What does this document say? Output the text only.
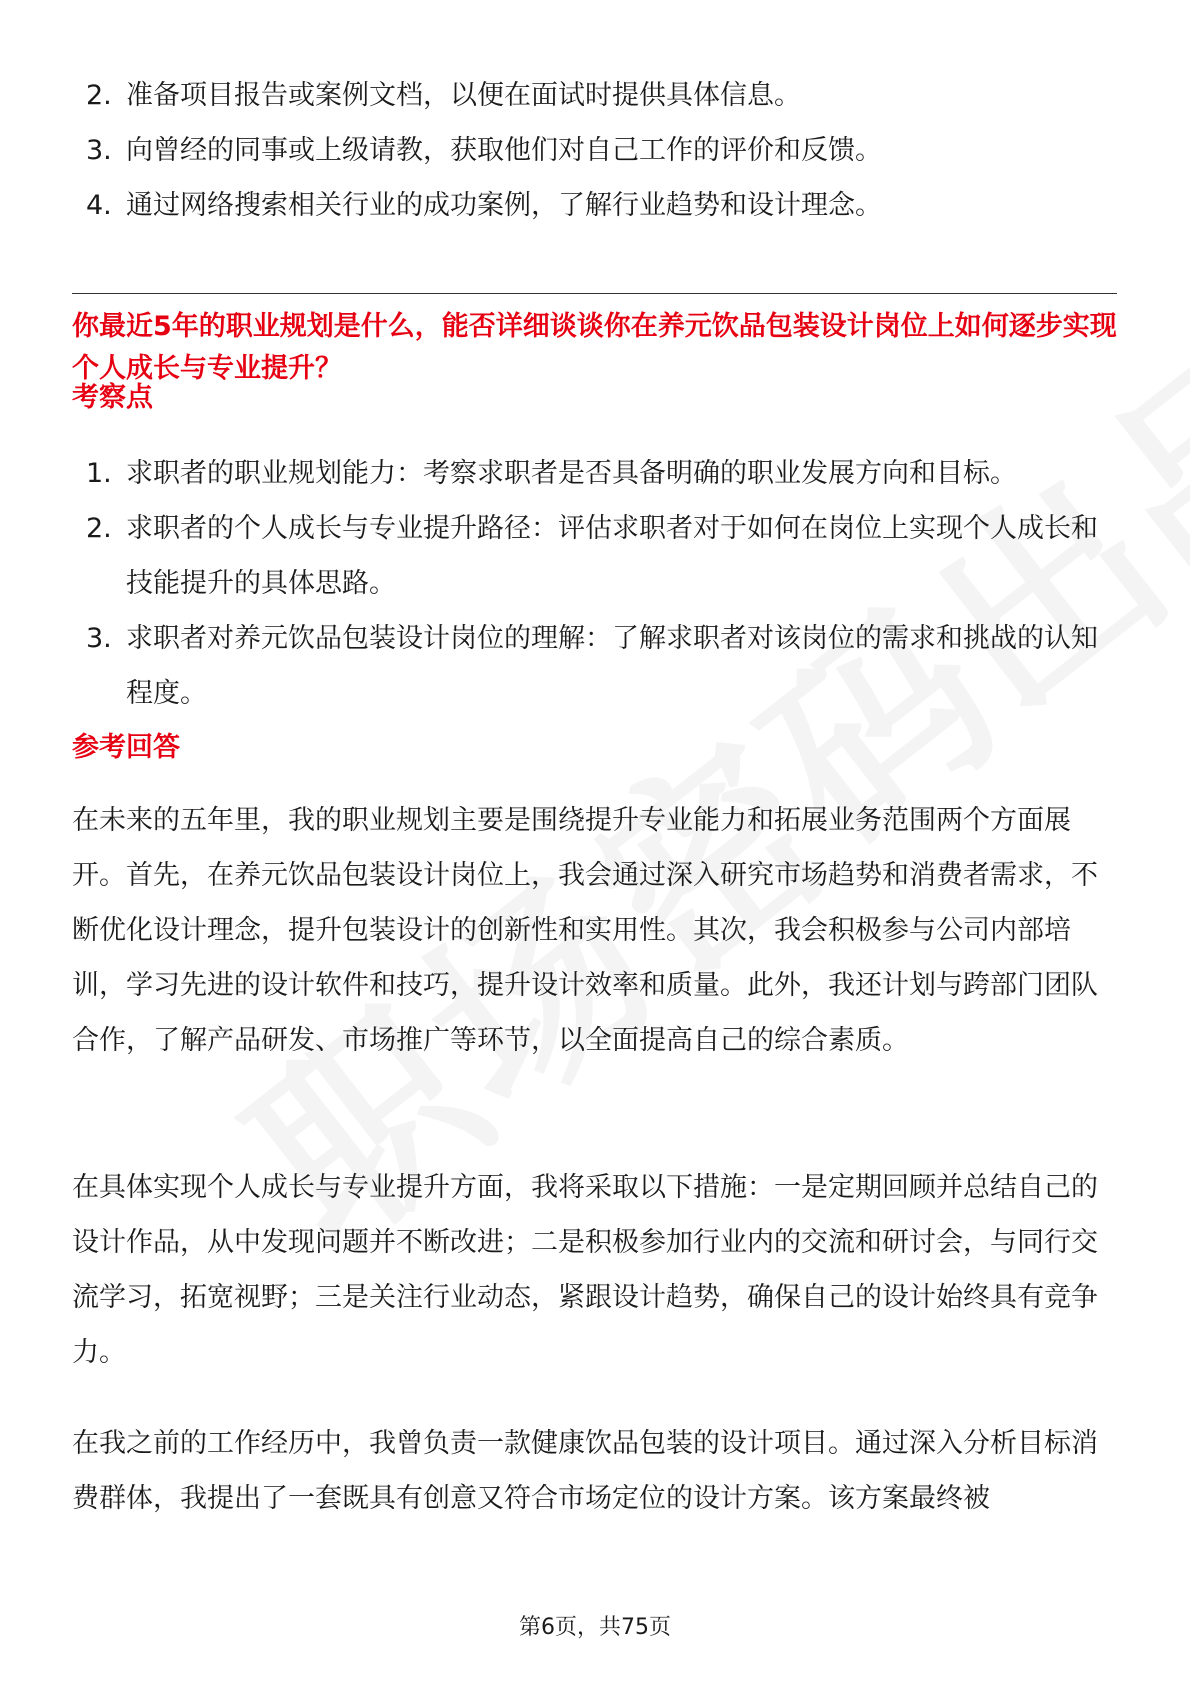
2. 准备项目报告或案例文档，以便在面试时提供具体信息。
3. 向曾经的同事或上级请教，获取他们对自己工作的评价和反馈。
4. 通过网络搜索相关行业的成功案例，了解行业趋势和设计理念。
你最近5年的职业规划是什么，能否详细谈谈你在养元饮品包装设计岗位上如何逐步实现个人成长与专业提升？
考察点
1. 求职者的职业规划能力：考察求职者是否具备明确的职业发展方向和目标。
2. 求职者的个人成长与专业提升路径：评估求职者对于如何在岗位上实现个人成长和技能提升的具体思路。
3. 求职者对养元饮品包装设计岗位的理解：了解求职者对该岗位的需求和挑战的认知程度。
参考回答

在未来的五年里，我的职业规划主要是围绕提升专业能力和拓展业务范围两个方面展开。首先，在养元饮品包装设计岗位上，我会通过深入研究市场趋势和消费者需求，不断优化设计理念，提升包装设计的创新性和实用性。其次，我会积极参与公司内部培训，学习先进的设计软件和技巧，提升设计效率和质量。此外，我还计划与跨部门团队合作，了解产品研发、市场推广等环节，以全面提高自己的综合素质。

在具体实现个人成长与专业提升方面，我将采取以下措施：一是定期回顾并总结自己的设计作品，从中发现问题并不断改进；二是积极参加行业内的交流和研讨会，与同行交流学习，拓宽视野；三是关注行业动态，紧跟设计趋势，确保自己的设计始终具有竞争力。

在我之前的工作经历中，我曾负责一款健康饮品包装的设计项目。通过深入分析目标消费群体，我提出了一套既具有创意又符合市场定位的设计方案。该方案最终被

第6页，共75页
